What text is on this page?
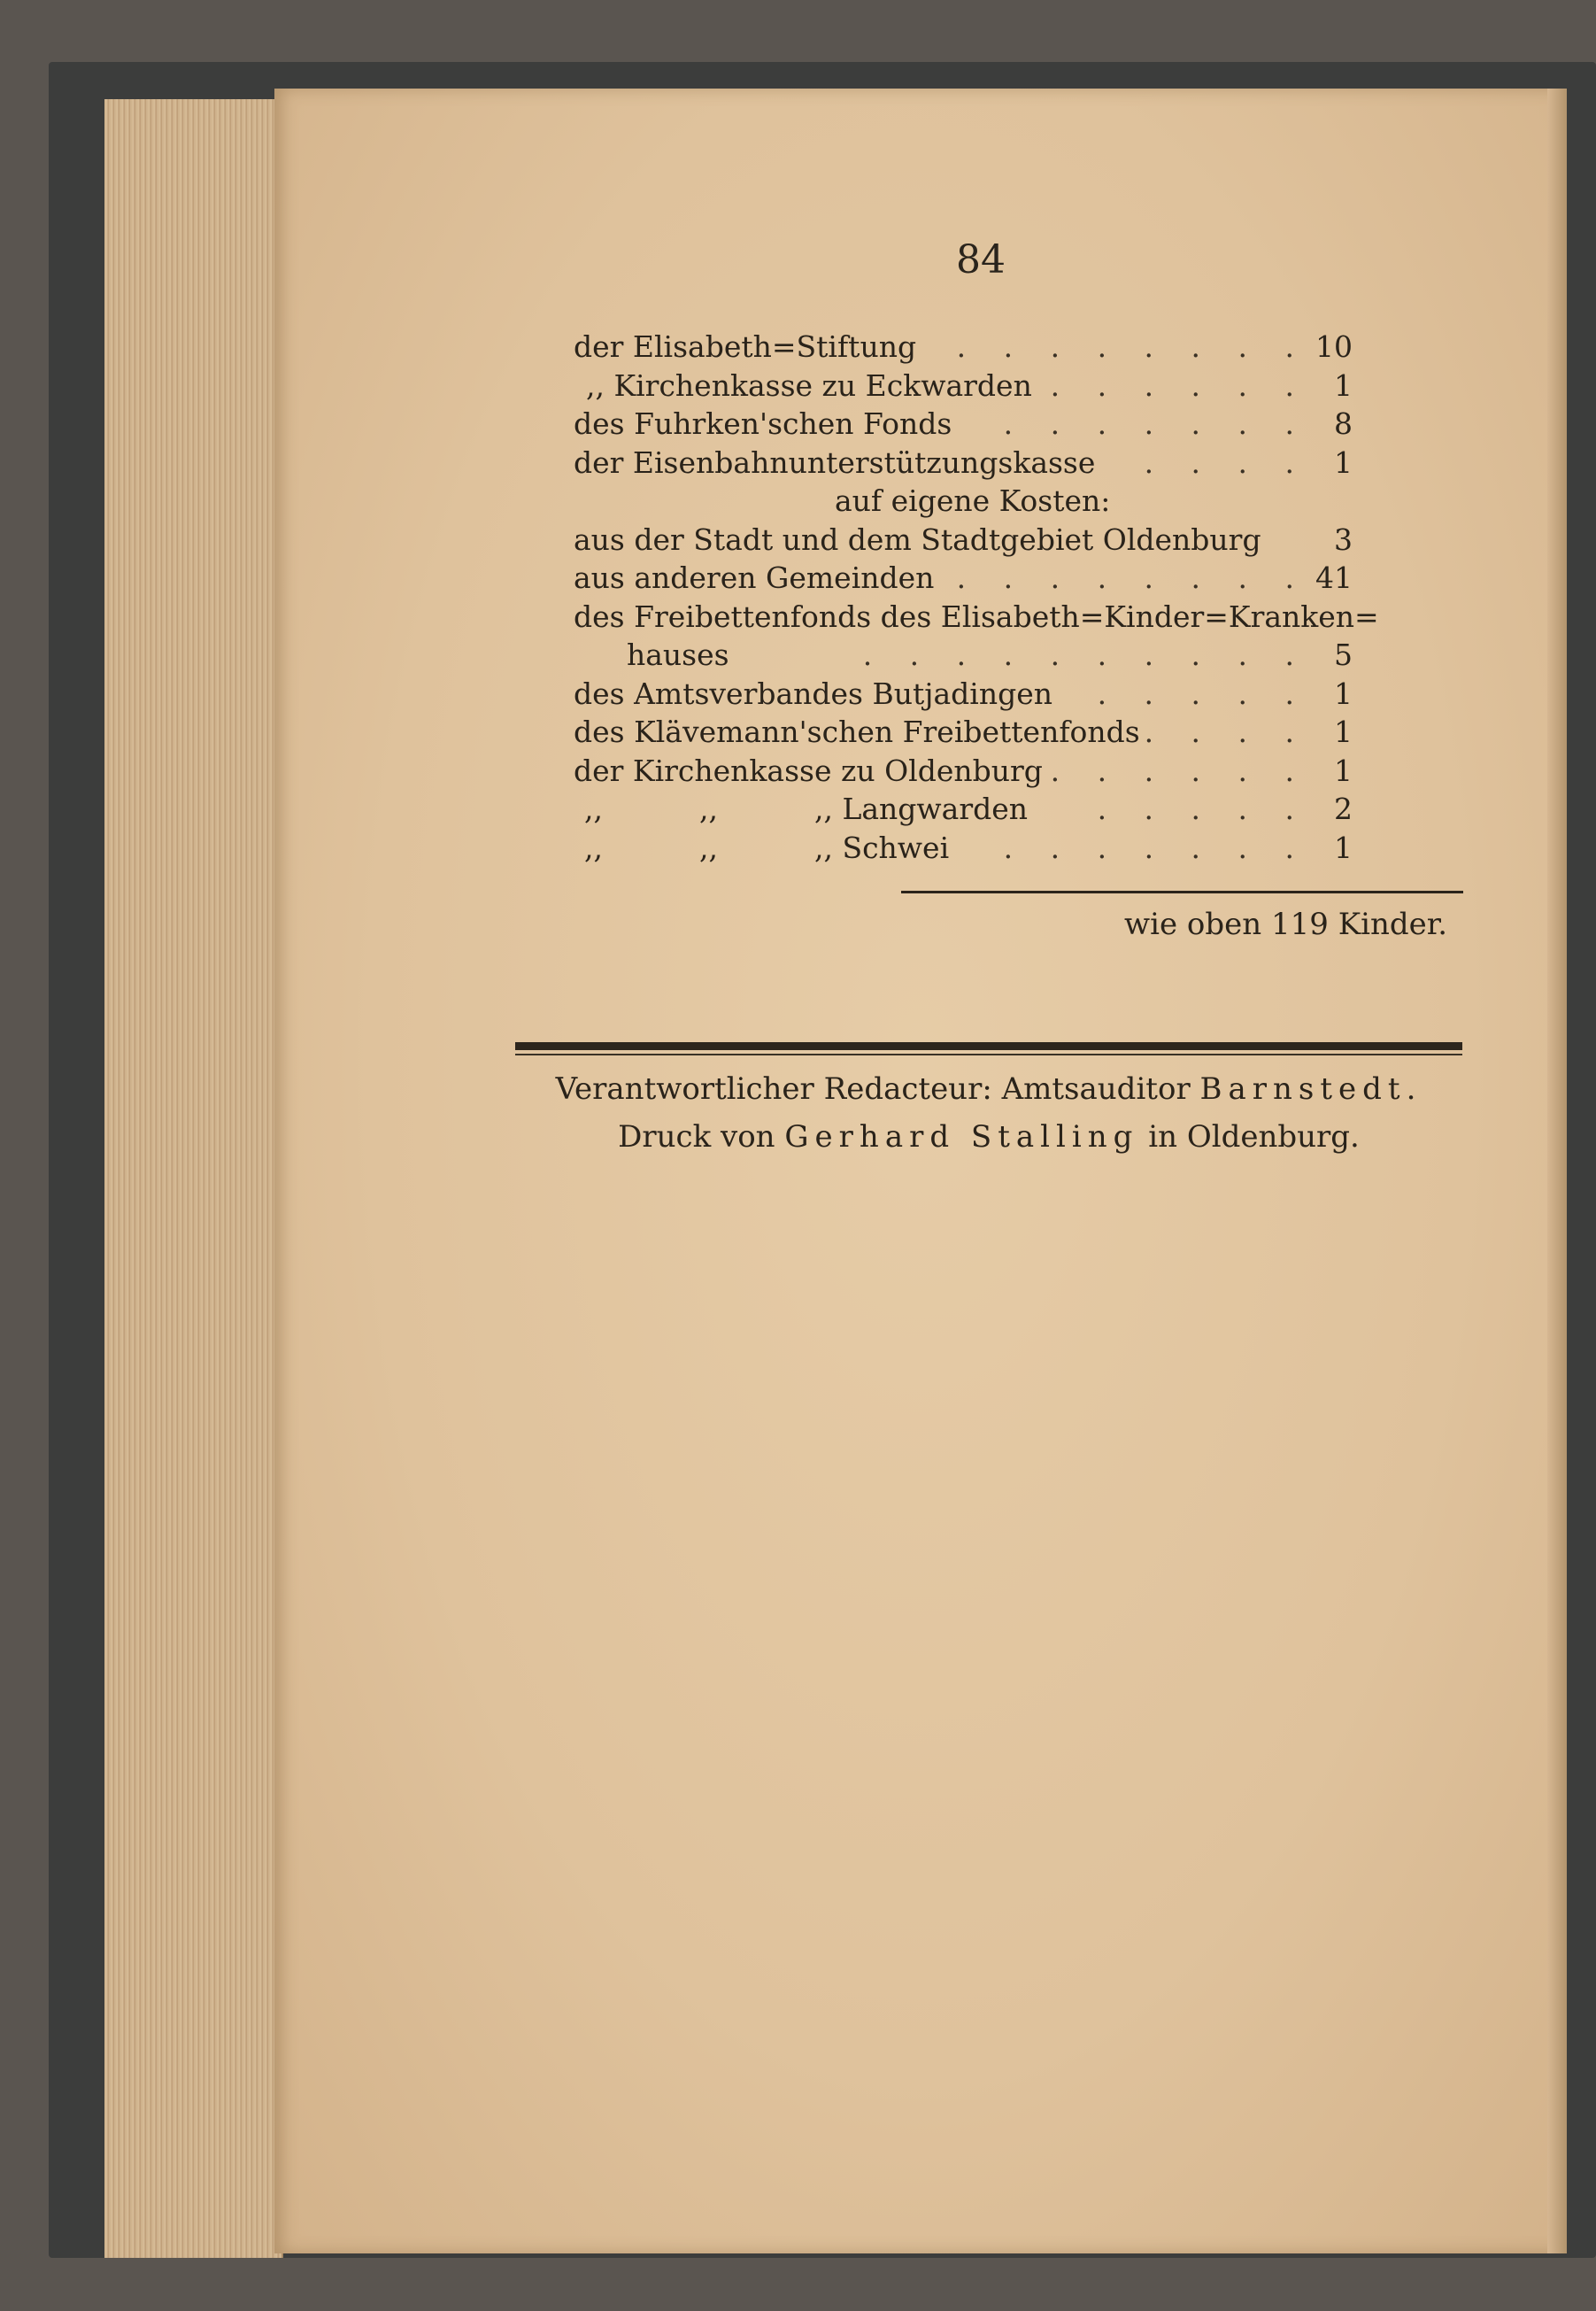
84
der Elisabeth=Stiftung . . . . . . . . 10
,, Kirchenkasse zu Eckwarden . . . . . . 1
des Fuhrken'schen Fonds . . . . . . . 8
der Eisenbahnunterstützungskasse . . . . 1
auf eigene Kosten:
aus der Stadt und dem Stadtgebiet Oldenburg	3
aus anderen Gemeinden . . . . . . . . 41
des Freibettenfonds des Elisabeth=Kinder=Kranken=
hauses	. . . . . . . . . . 5
des Amtsverbandes Butjadingen . . . . . 1
des Klävemann'schen Freibettenfonds . . . . 1
der Kirchenkasse zu Oldenburg . . . . . . 1
,,	,,	,, Langwarden . . . . . 2
,,	,,	,, Schwei . . . . . . . 1
wie oben 119 Kinder.
Verantwortlicher Redacteur: Amtsauditor Barnstedt.
Druck von Gerhard Stalling in Oldenburg.
